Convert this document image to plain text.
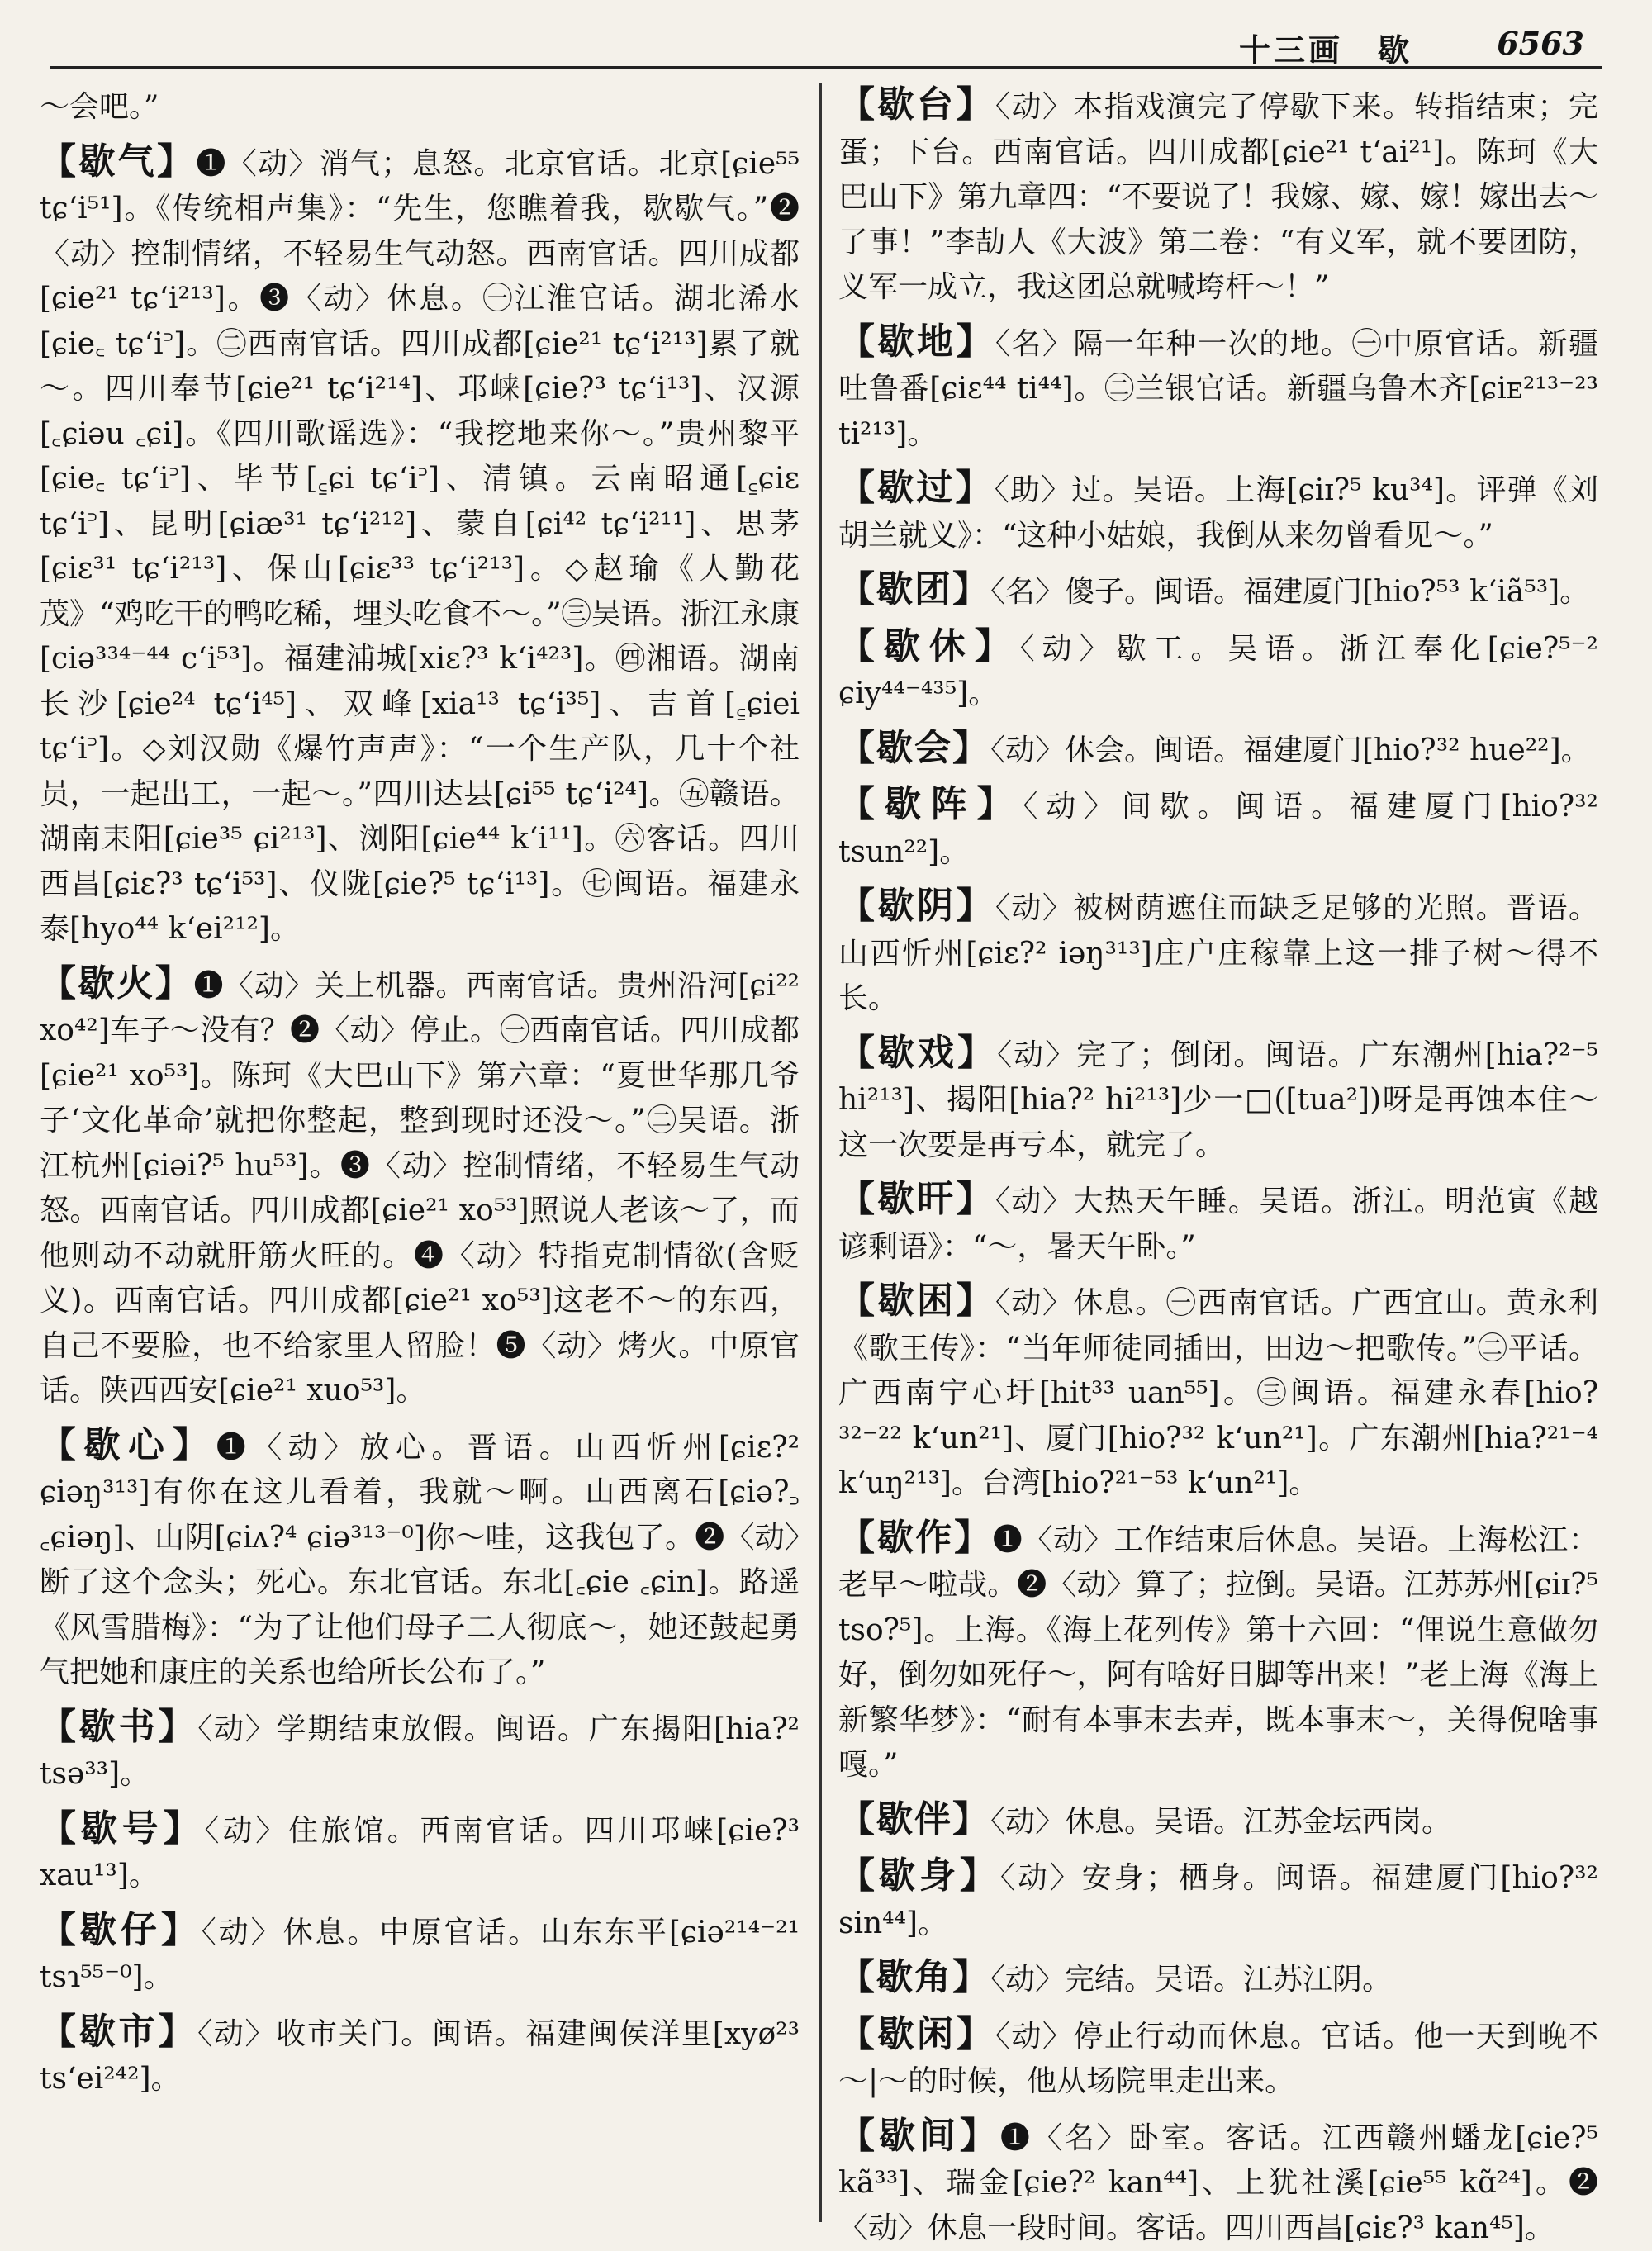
十三画　歇	6563
～会吧。”
【歇气】❶〈动〉消气；息怒。北京官话。北京[ɕie⁵⁵ tɕʻi⁵¹]。《传统相声集》：“先生，您瞧着我，歇歇气。”❷〈动〉控制情绪，不轻易生气动怒。西南官话。四川成都[ɕie²¹ tɕʻi²¹³]。❸〈动〉休息。㊀江淮官话。湖北浠水[ɕie꜀ tɕʻi꜄]。㊁西南官话。四川成都[ɕie²¹ tɕʻi²¹³]累了就～。四川奉节[ɕie²¹ tɕʻi²¹⁴]、邛崃[ɕie?³ tɕʻi¹³]、汉源[꜀ɕiəu ꜀ɕi]。《四川歌谣选》：“我挖地来你～。”贵州黎平[ɕie꜀ tɕʻi꜄]、毕节[꜁ɕi tɕʻi꜄]、清镇。云南昭通[꜁ɕiɛ tɕʻi꜄]、昆明[ɕiæ³¹ tɕʻi²¹²]、蒙自[ɕi⁴² tɕʻi²¹¹]、思茅[ɕiɛ³¹ tɕʻi²¹³]、保山[ɕiɛ³³ tɕʻi²¹³]。◇赵瑜《人勤花茂》“鸡吃干的鸭吃稀，埋头吃食不～。”㊂吴语。浙江永康[ciə³³⁴⁻⁴⁴ cʻi⁵³]。福建浦城[xiɛ?³ kʻi⁴²³]。㊃湘语。湖南长沙[ɕie²⁴ tɕʻi⁴⁵]、双峰[xia¹³ tɕʻi³⁵]、吉首[꜁ɕiei tɕʻi꜄]。◇刘汉勋《爆竹声声》：“一个生产队，几十个社员，一起出工，一起～。”四川达县[ɕi⁵⁵ tɕʻi²⁴]。㊄赣语。湖南耒阳[ɕie³⁵ ɕi²¹³]、浏阳[ɕie⁴⁴ kʻi¹¹]。㊅客话。四川西昌[ɕiɛ?³ tɕʻi⁵³]、仪陇[ɕie?⁵ tɕʻi¹³]。㊆闽语。福建永泰[hyo⁴⁴ kʻei²¹²]。
【歇火】❶〈动〉关上机器。西南官话。贵州沿河[ɕi²² xo⁴²]车子～没有？❷〈动〉停止。㊀西南官话。四川成都[ɕie²¹ xo⁵³]。陈珂《大巴山下》第六章：“夏世华那几爷子‘文化革命’就把你整起，整到现时还没～。”㊁吴语。浙江杭州[ɕiəi?⁵ hu⁵³]。❸〈动〉控制情绪，不轻易生气动怒。西南官话。四川成都[ɕie²¹ xo⁵³]照说人老该～了，而他则动不动就肝筋火旺的。❹〈动〉特指克制情欲(含贬义)。西南官话。四川成都[ɕie²¹ xo⁵³]这老不～的东西，自己不要脸，也不给家里人留脸！❺〈动〉烤火。中原官话。陕西西安[ɕie²¹ xuo⁵³]。
【歇心】❶〈动〉放心。晋语。山西忻州[ɕiɛ?² ɕiəŋ³¹³]有你在这儿看着，我就～啊。山西离石[ɕiə?꜆ ꜀ɕiəŋ]、山阴[ɕiʌ?⁴ ɕiə³¹³⁻⁰]你～哇，这我包了。❷〈动〉断了这个念头；死心。东北官话。东北[꜀ɕie ꜀ɕin]。路遥《风雪腊梅》：“为了让他们母子二人彻底～，她还鼓起勇气把她和康庄的关系也给所长公布了。”
【歇书】〈动〉学期结束放假。闽语。广东揭阳[hia?² tsə³³]。
【歇号】〈动〉住旅馆。西南官话。四川邛崃[ɕie?³ xau¹³]。
【歇仔】〈动〉休息。中原官话。山东东平[ɕiə²¹⁴⁻²¹ tsɿ⁵⁵⁻⁰]。
【歇市】〈动〉收市关门。闽语。福建闽侯洋里[xyø²³ tsʻei²⁴²]。
【歇台】〈动〉本指戏演完了停歇下来。转指结束；完蛋；下台。西南官话。四川成都[ɕie²¹ tʻai²¹]。陈珂《大巴山下》第九章四：“不要说了！我嫁、嫁、嫁！嫁出去～了事！”李劼人《大波》第二卷：“有义军，就不要团防，义军一成立，我这团总就喊垮杆～！”
【歇地】〈名〉隔一年种一次的地。㊀中原官话。新疆吐鲁番[ɕiɛ⁴⁴ ti⁴⁴]。㊁兰银官话。新疆乌鲁木齐[ɕiᴇ²¹³⁻²³ ti²¹³]。
【歇过】〈助〉过。吴语。上海[ɕiɪ?⁵ ku³⁴]。评弹《刘胡兰就义》：“这种小姑娘，我倒从来勿曾看见～。”
【歇团】〈名〉傻子。闽语。福建厦门[hio?⁵³ kʻiã⁵³]。
【歇休】〈动〉歇工。吴语。浙江奉化[ɕie?⁵⁻² ɕiy⁴⁴⁻⁴³⁵]。
【歇会】〈动〉休会。闽语。福建厦门[hio?³² hue²²]。
【歇阵】〈动〉间歇。闽语。福建厦门[hio?³² tsun²²]。
【歇阴】〈动〉被树荫遮住而缺乏足够的光照。晋语。山西忻州[ɕiɛ?² iəŋ³¹³]庄户庄稼靠上这一排子树～得不长。
【歇戏】〈动〉完了；倒闭。闽语。广东潮州[hia?²⁻⁵ hi²¹³]、揭阳[hia?² hi²¹³]少一□([tua²])呀是再蚀本住～这一次要是再亏本，就完了。
【歇旰】〈动〉大热天午睡。吴语。浙江。明范寅《越谚剩语》：“～，暑天午卧。”
【歇困】〈动〉休息。㊀西南官话。广西宜山。黄永利《歌王传》：“当年师徒同插田，田边～把歌传。”㊁平话。广西南宁心圩[hit³³ uan⁵⁵]。㊂闽语。福建永春[hio?³²⁻²² kʻun²¹]、厦门[hio?³² kʻun²¹]。广东潮州[hia?²¹⁻⁴ kʻuŋ²¹³]。台湾[hio?²¹⁻⁵³ kʻun²¹]。
【歇作】❶〈动〉工作结束后休息。吴语。上海松江：老早～啦哉。❷〈动〉算了；拉倒。吴语。江苏苏州[ɕiɪ?⁵ tso?⁵]。上海。《海上花列传》第十六回：“俚说生意做勿好，倒勿如死仔～，阿有啥好日脚等出来！”老上海《海上新繁华梦》：“耐有本事末去弄，既本事末～，关得倪啥事嘎。”
【歇伴】〈动〉休息。吴语。江苏金坛西岗。
【歇身】〈动〉安身；栖身。闽语。福建厦门[hio?³² sin⁴⁴]。
【歇角】〈动〉完结。吴语。江苏江阴。
【歇闲】〈动〉停止行动而休息。官话。他一天到晚不～|～的时候，他从场院里走出来。
【歇间】❶〈名〉卧室。客话。江西赣州蟠龙[ɕie?⁵ kã³³]、瑞金[ɕie?² kan⁴⁴]、上犹社溪[ɕie⁵⁵ kɑ̃²⁴]。❷〈动〉休息一段时间。客话。四川西昌[ɕiɛ?³ kan⁴⁵]。
